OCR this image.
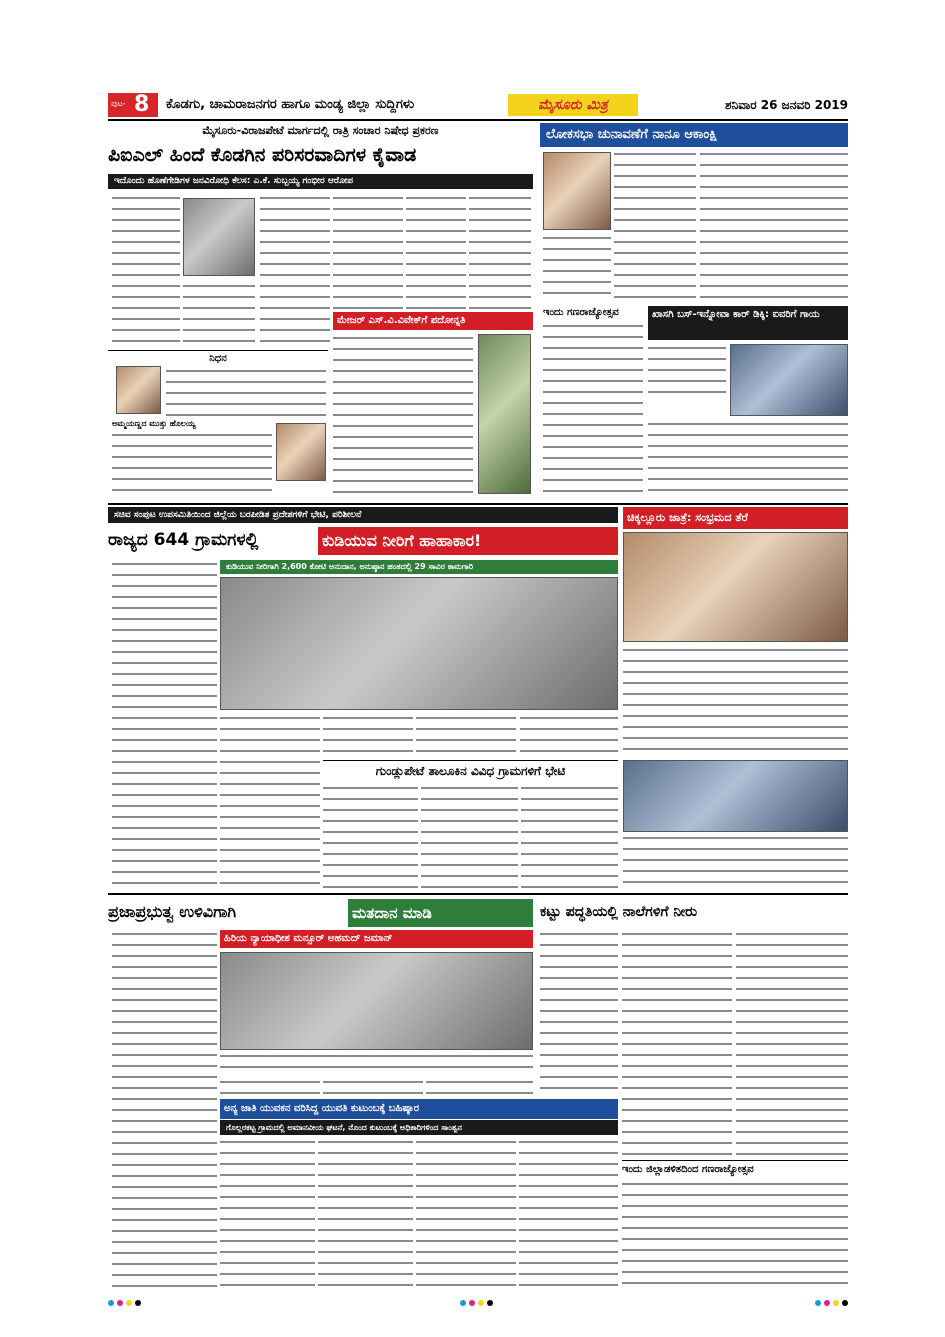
ಪುಟ- 8 ಕೊಡಗು, ಚಾಮರಾಜನಗರ ಹಾಗೂ ಮಂಡ್ಯ ಜಿಲ್ಲಾ ಸುದ್ದಿಗಳು	ಮೈಸೂರು ಮಿತ್ರ	ಶನಿವಾರ 26 ಜನವರಿ 2019
ಮೈಸೂರು-ವಿರಾಜಪೇಟೆ ಮಾರ್ಗದಲ್ಲಿ ರಾತ್ರಿ ಸಂಚಾರ ನಿಷೇಧ ಪ್ರಕರಣ
ಪಿಐಎಲ್ ಹಿಂದೆ ಕೊಡಗಿನ ಪರಿಸರವಾದಿಗಳ ಕೈವಾಡ
ಇದೊಂದು ಹೊಣೆಗೇಡಿಗಳ ಜನವಿರೋಧಿ ಕೆಲಸ: ಎ.ಕೆ. ಸುಬ್ಬಯ್ಯ ಗಂಭೀರ ಆರೋಪ
ನಿಧನ
ಅಮ್ಮಯಣ್ಣದ ಮುತ್ತು ಹೊಲಯ್ಯ
ಮೇಜರ್ ಎಸ್.ವಿ.ವಿವೇಕ್‌ಗೆ ಪದೋನ್ನತಿ
ಲೋಕಸಭಾ ಚುನಾವಣೆಗೆ ನಾನೂ ಆಕಾಂಕ್ಷಿ
ಇಂದು ಗಣರಾಜ್ಯೋತ್ಸವ	ಖಾಸಗಿ ಬಸ್-ಇನ್ನೋವಾ ಕಾರ್ ಡಿಕ್ಕಿ: ಐವರಿಗೆ ಗಾಯ
ಸಚಿವ ಸಂಪುಟ ಉಪಸಮಿತಿಯಿಂದ ಜಿಲ್ಲೆಯ ಬರಪೀಡಿತ ಪ್ರದೇಶಗಳಿಗೆ ಭೇಟಿ, ಪರಿಶೀಲನೆ
ರಾಜ್ಯದ 644 ಗ್ರಾಮಗಳಲ್ಲಿ	ಕುಡಿಯುವ ನೀರಿಗೆ ಹಾಹಾಕಾರ!
ಕುಡಿಯುವ ನೀರಿಗಾಗಿ 2,600 ಕೋಟಿ ಅನುದಾನ, ಅನುಷ್ಠಾನ ಹಂತದಲ್ಲಿ 29 ಸಾವಿರ ಕಾಮಗಾರಿ
ಗುಂಡ್ಲುಪೇಟೆ ತಾಲೂಕಿನ ವಿವಿಧ ಗ್ರಾಮಗಳಿಗೆ ಭೇಟಿ
ಚಿಕ್ಕಲ್ಲೂರು ಜಾತ್ರೆ: ಸಂಭ್ರಮದ ತೆರೆ
ಪ್ರಜಾಪ್ರಭುತ್ವ ಉಳಿವಿಗಾಗಿ	ಮತದಾನ ಮಾಡಿ
ಹಿರಿಯ ನ್ಯಾಯಾಧೀಶ ಮನ್ಸೂರ್ ಅಹಮದ್ ಜಮಾನ್
ಅನ್ಯ ಜಾತಿ ಯುವಕನ ವರಿಸಿದ್ದ ಯುವತಿ ಕುಟುಂಬಕ್ಕೆ ಬಹಿಷ್ಕಾರ
ಗೊಲ್ಲರಕಟ್ಟ ಗ್ರಾಮದಲ್ಲಿ ಅಮಾನವೀಯ ಘಟನೆ, ನೊಂದ ಕುಟುಂಬಕ್ಕೆ ಅಧಿಕಾರಿಗಳಿಂದ ಸಾಂತ್ವನ
ಕಟ್ಟು ಪದ್ಧತಿಯಲ್ಲಿ ನಾಲೆಗಳಿಗೆ ನೀರು
ಇಂದು ಜಿಲ್ಲಾಡಳಿತದಿಂದ ಗಣರಾಜ್ಯೋತ್ಸವ
